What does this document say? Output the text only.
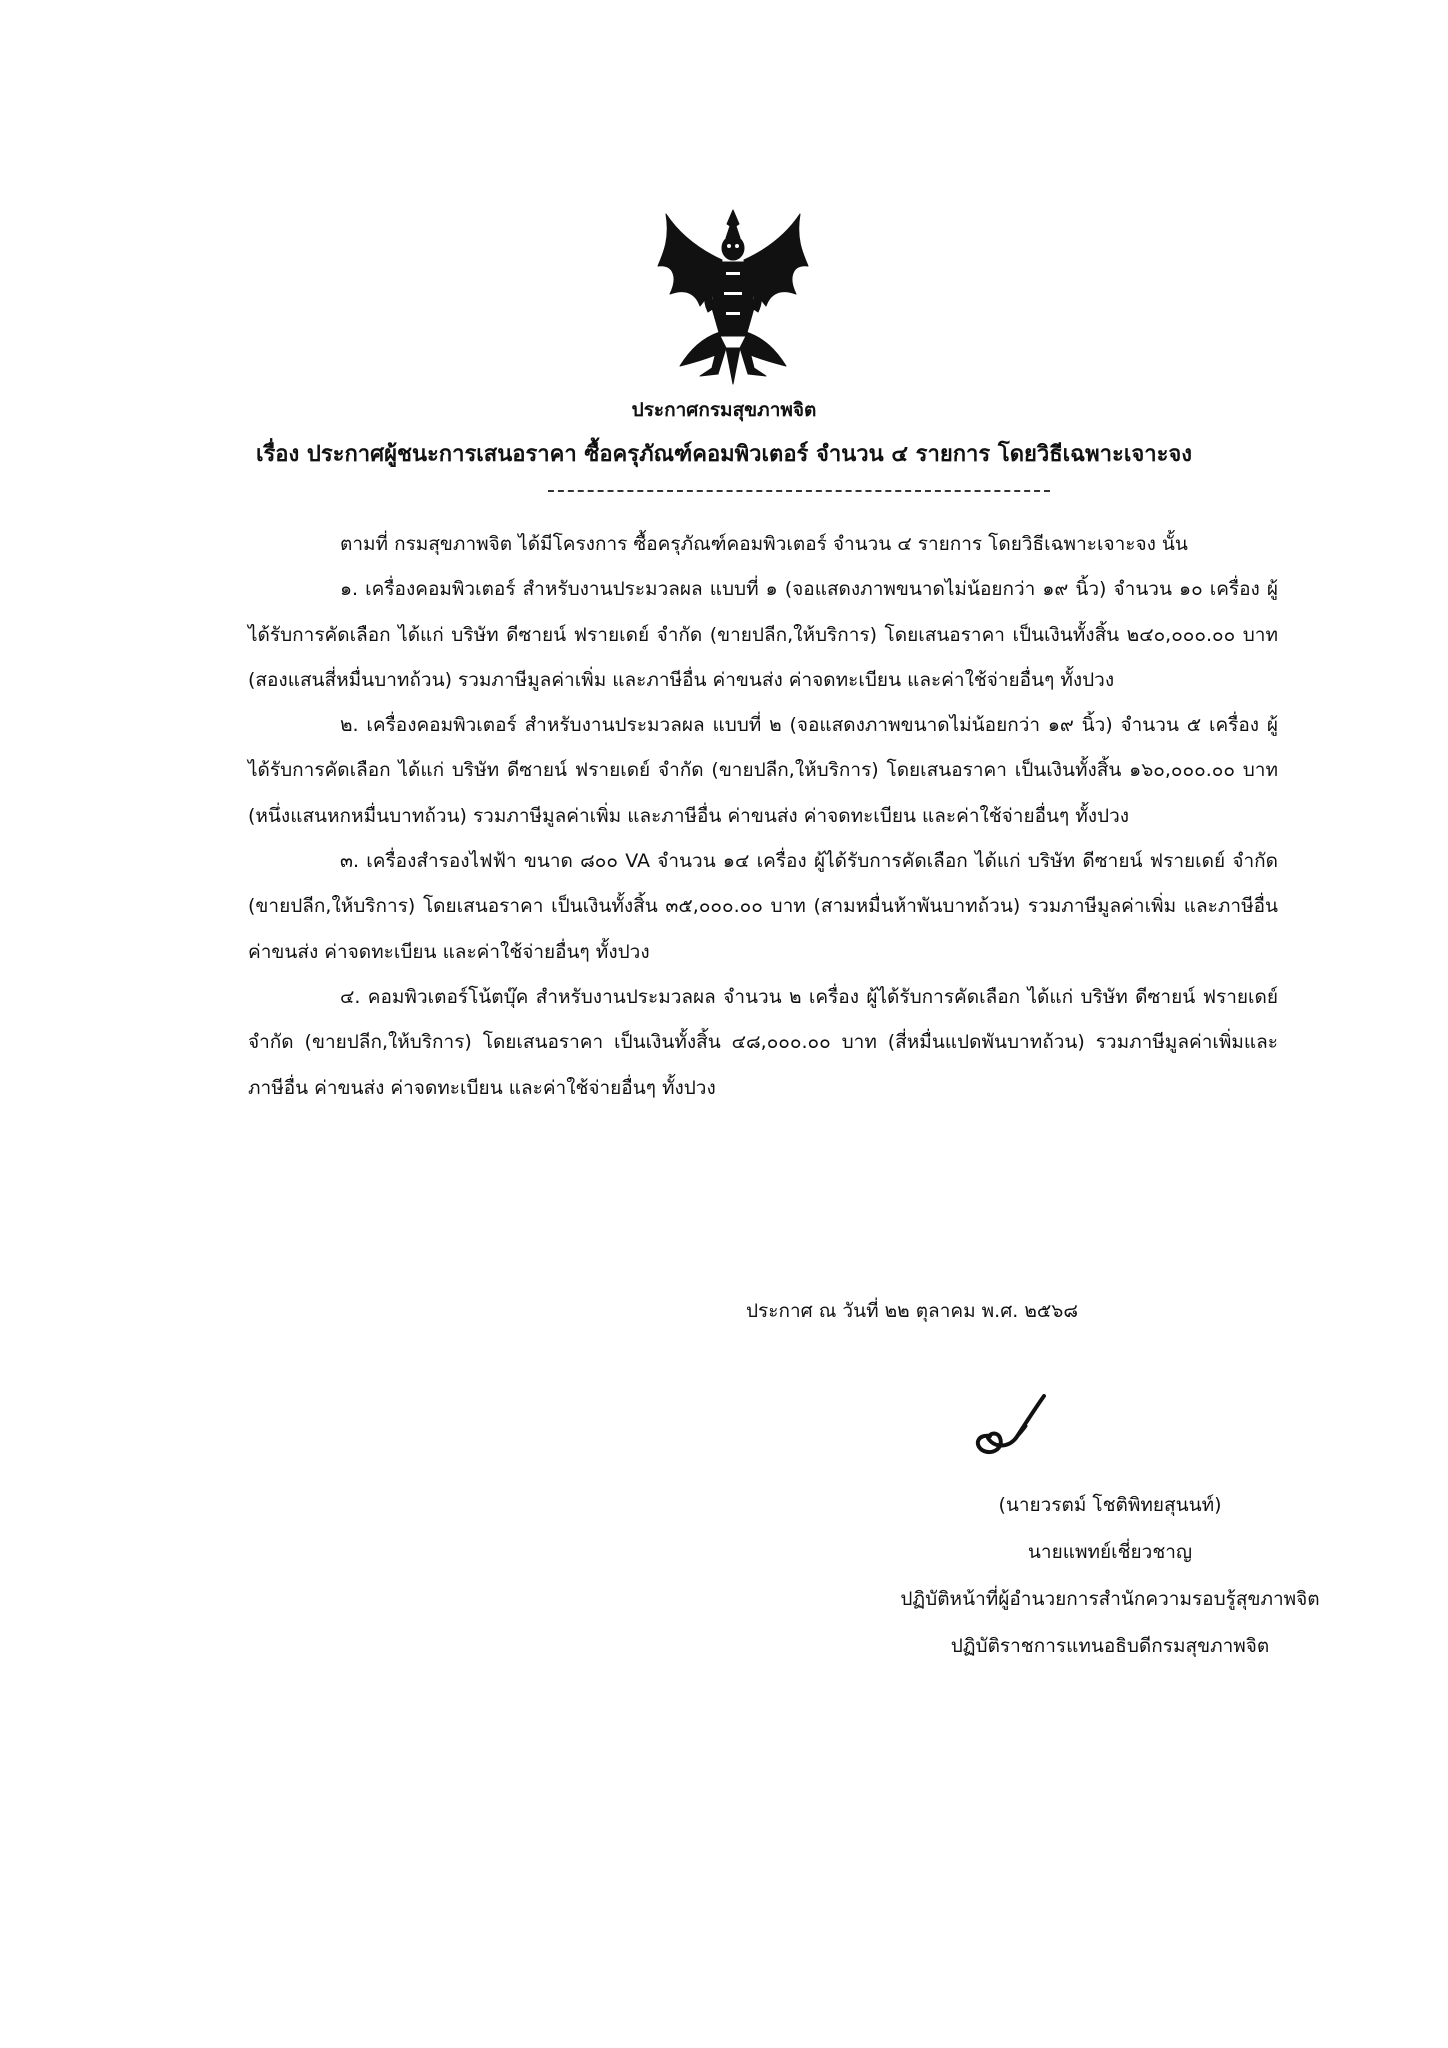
ประกาศกรมสุขภาพจิต
เรื่อง ประกาศผู้ชนะการเสนอราคา ซื้อครุภัณฑ์คอมพิวเตอร์ จำนวน ๔ รายการ โดยวิธีเฉพาะเจาะจง

ตามที่ กรมสุขภาพจิต ได้มีโครงการ ซื้อครุภัณฑ์คอมพิวเตอร์ จำนวน ๔ รายการ โดยวิธีเฉพาะเจาะจง นั้น

๑. เครื่องคอมพิวเตอร์ สำหรับงานประมวลผล แบบที่ ๑ (จอแสดงภาพขนาดไม่น้อยกว่า ๑๙ นิ้ว) จำนวน ๑๐ เครื่อง ผู้ได้รับการคัดเลือก ได้แก่ บริษัท ดีซายน์ ฟรายเดย์ จำกัด (ขายปลีก,ให้บริการ) โดยเสนอราคา เป็นเงินทั้งสิ้น ๒๔๐,๐๐๐.๐๐ บาท (สองแสนสี่หมื่นบาทถ้วน) รวมภาษีมูลค่าเพิ่ม และภาษีอื่น ค่าขนส่ง ค่าจดทะเบียน และค่าใช้จ่ายอื่นๆ ทั้งปวง

๒. เครื่องคอมพิวเตอร์ สำหรับงานประมวลผล แบบที่ ๒ (จอแสดงภาพขนาดไม่น้อยกว่า ๑๙ นิ้ว) จำนวน ๕ เครื่อง ผู้ได้รับการคัดเลือก ได้แก่ บริษัท ดีซายน์ ฟรายเดย์ จำกัด (ขายปลีก,ให้บริการ) โดยเสนอราคา เป็นเงินทั้งสิ้น ๑๖๐,๐๐๐.๐๐ บาท (หนึ่งแสนหกหมื่นบาทถ้วน) รวมภาษีมูลค่าเพิ่ม และภาษีอื่น ค่าขนส่ง ค่าจดทะเบียน และค่าใช้จ่ายอื่นๆ ทั้งปวง

๓. เครื่องสำรองไฟฟ้า ขนาด ๘๐๐ VA จำนวน ๑๔ เครื่อง ผู้ได้รับการคัดเลือก ได้แก่ บริษัท ดีซายน์ ฟรายเดย์ จำกัด (ขายปลีก,ให้บริการ) โดยเสนอราคา เป็นเงินทั้งสิ้น ๓๕,๐๐๐.๐๐ บาท (สามหมื่นห้าพันบาทถ้วน) รวมภาษีมูลค่าเพิ่ม และภาษีอื่น ค่าขนส่ง ค่าจดทะเบียน และค่าใช้จ่ายอื่นๆ ทั้งปวง

๔. คอมพิวเตอร์โน้ตบุ๊ค สำหรับงานประมวลผล จำนวน ๒ เครื่อง ผู้ได้รับการคัดเลือก ได้แก่ บริษัท ดีซายน์ ฟรายเดย์ จำกัด (ขายปลีก,ให้บริการ) โดยเสนอราคา เป็นเงินทั้งสิ้น ๔๘,๐๐๐.๐๐ บาท (สี่หมื่นแปดพันบาทถ้วน) รวมภาษีมูลค่าเพิ่มและภาษีอื่น ค่าขนส่ง ค่าจดทะเบียน และค่าใช้จ่ายอื่นๆ ทั้งปวง

ประกาศ ณ วันที่ ๒๒ ตุลาคม พ.ศ. ๒๕๖๘
(นายวรตม์ โชติพิทยสุนนท์)
นายแพทย์เชี่ยวชาญ
ปฏิบัติหน้าที่ผู้อำนวยการสำนักความรอบรู้สุขภาพจิต
ปฏิบัติราชการแทนอธิบดีกรมสุขภาพจิต
